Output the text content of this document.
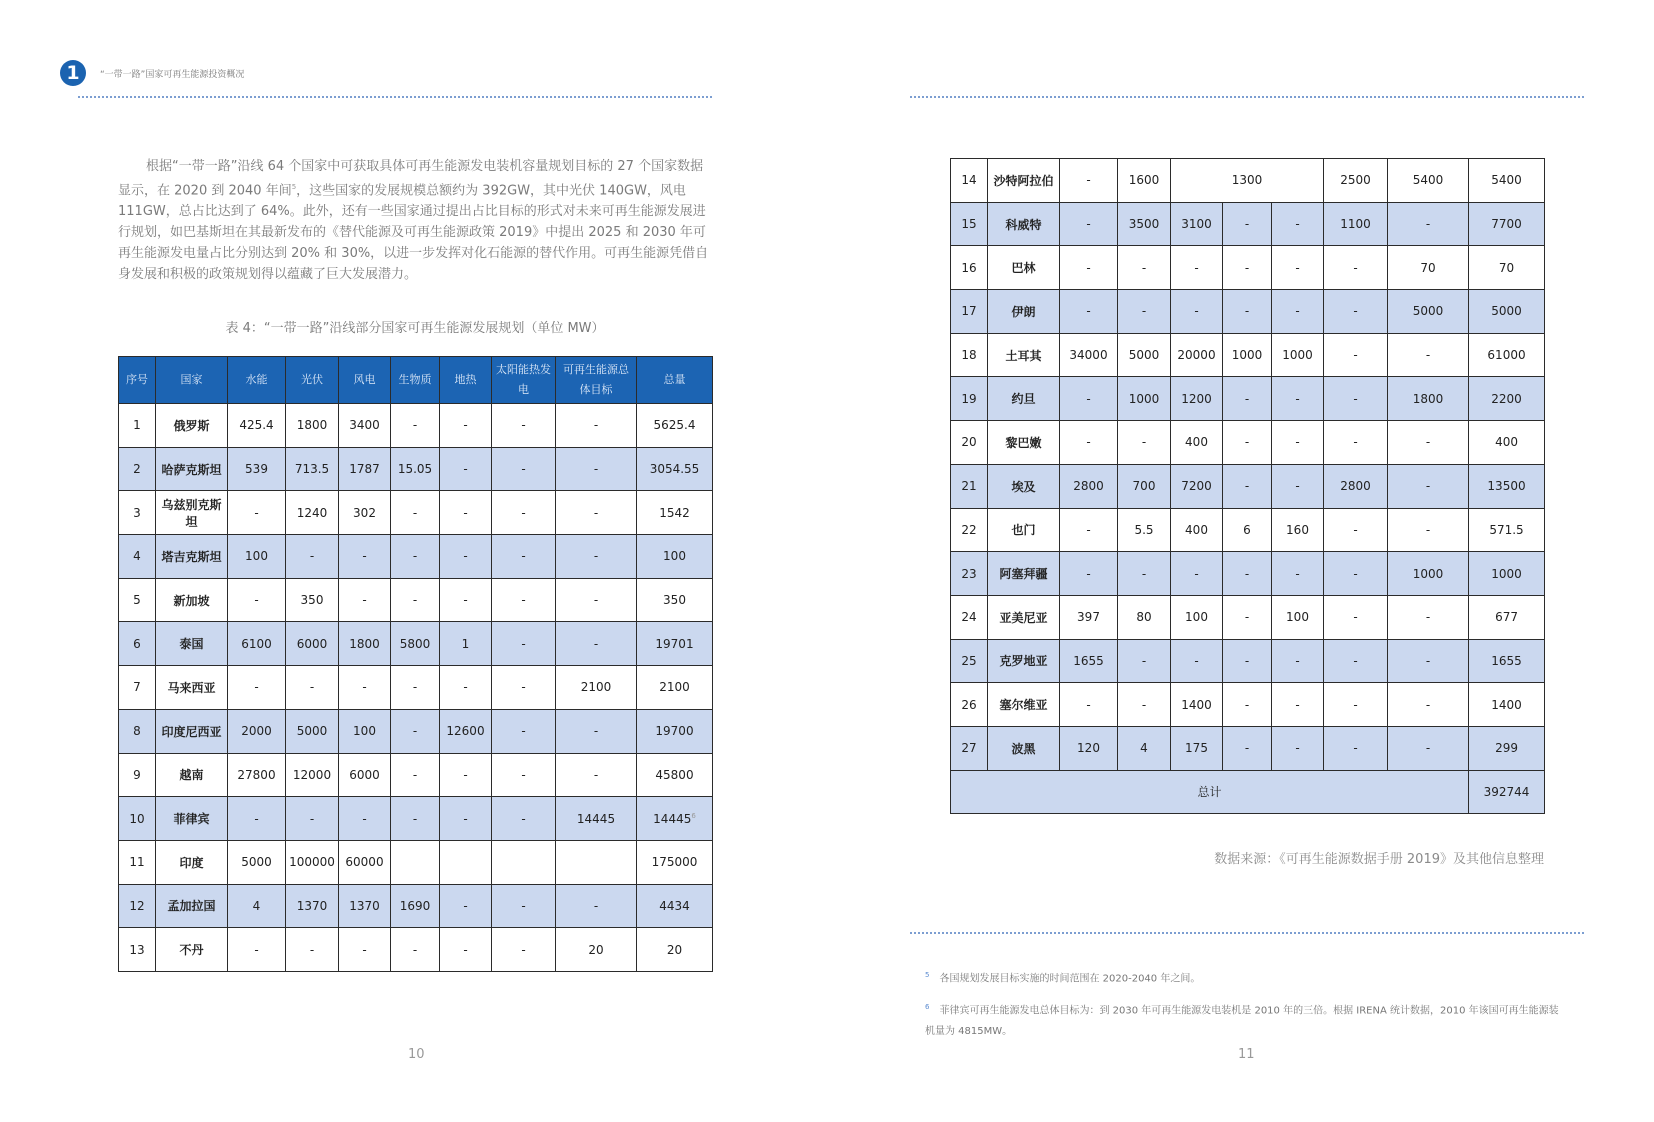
1	“一带一路”国家可再生能源投资概况

根据“一带一路”沿线 64 个国家中可获取具体可再生能源发电装机容量规划目标的 27 个国家数据显示，在 2020 到 2040 年间$^5$，这些国家的发展规模总额约为 392GW，其中光伏 140GW，风电 111GW，总占比达到了 64%。此外，还有一些国家通过提出占比目标的形式对未来可再生能源发展进行规划，如巴基斯坦在其最新发布的《替代能源及可再生能源政策 2019》中提出 2025 和 2030 年可再生能源发电量占比分别达到 20% 和 30%，以进一步发挥对化石能源的替代作用。可再生能源凭借自身发展和积极的政策规划得以蕴藏了巨大发展潜力。

表 4：“一带一路”沿线部分国家可再生能源发展规划（单位 MW）
序号	国家	水能	光伏	风电	生物质	地热	太阳能热发电	可再生能源总体目标	总量
1	俄罗斯	425.4	1800	3400	-	-	-	-	5625.4
2	哈萨克斯坦	539	713.5	1787	15.05	-	-	-	3054.55
3	乌兹别克斯坦	-	1240	302	-	-	-	-	1542
4	塔吉克斯坦	100	-	-	-	-	-	-	100
5	新加坡	-	350	-	-	-	-	-	350
6	泰国	6100	6000	1800	5800	1	-	-	19701
7	马来西亚	-	-	-	-	-	-	2100	2100
8	印度尼西亚	2000	5000	100	-	12600	-	-	19700
9	越南	27800	12000	6000	-	-	-	-	45800
10	菲律宾	-	-	-	-	-	-	14445	14445$^6$
11	印度	5000	100000	60000					175000
12	孟加拉国	4	1370	1370	1690	-	-	-	4434
13	不丹	-	-	-	-	-	-	20	20
10
14	沙特阿拉伯	-	1600	1300			2500	5400	5400
15	科威特	-	3500	3100	-	-	1100	-	7700
16	巴林	-	-	-	-	-	-	70	70
17	伊朗	-	-	-	-	-	-	5000	5000
18	土耳其	34000	5000	20000	1000	1000	-	-	61000
19	约旦	-	1000	1200	-	-	-	1800	2200
20	黎巴嫩	-	-	400	-	-	-	-	400
21	埃及	2800	700	7200	-	-	2800	-	13500
22	也门	-	5.5	400	6	160	-	-	571.5
23	阿塞拜疆	-	-	-	-	-	-	1000	1000
24	亚美尼亚	397	80	100	-	100	-	-	677
25	克罗地亚	1655	-	-	-	-	-	-	1655
26	塞尔维亚	-	-	1400	-	-	-	-	1400
27	波黑	120	4	175	-	-	-	-	299
总计									392744
数据来源：《可再生能源数据手册 2019》及其他信息整理

$^5$ 各国规划发展目标实施的时间范围在 2020-2040 年之间。

$^6$ 菲律宾可再生能源发电总体目标为：到 2030 年可再生能源发电装机是 2010 年的三倍。根据 IRENA 统计数据，2010 年该国可再生能源装机量为 4815MW。

11
